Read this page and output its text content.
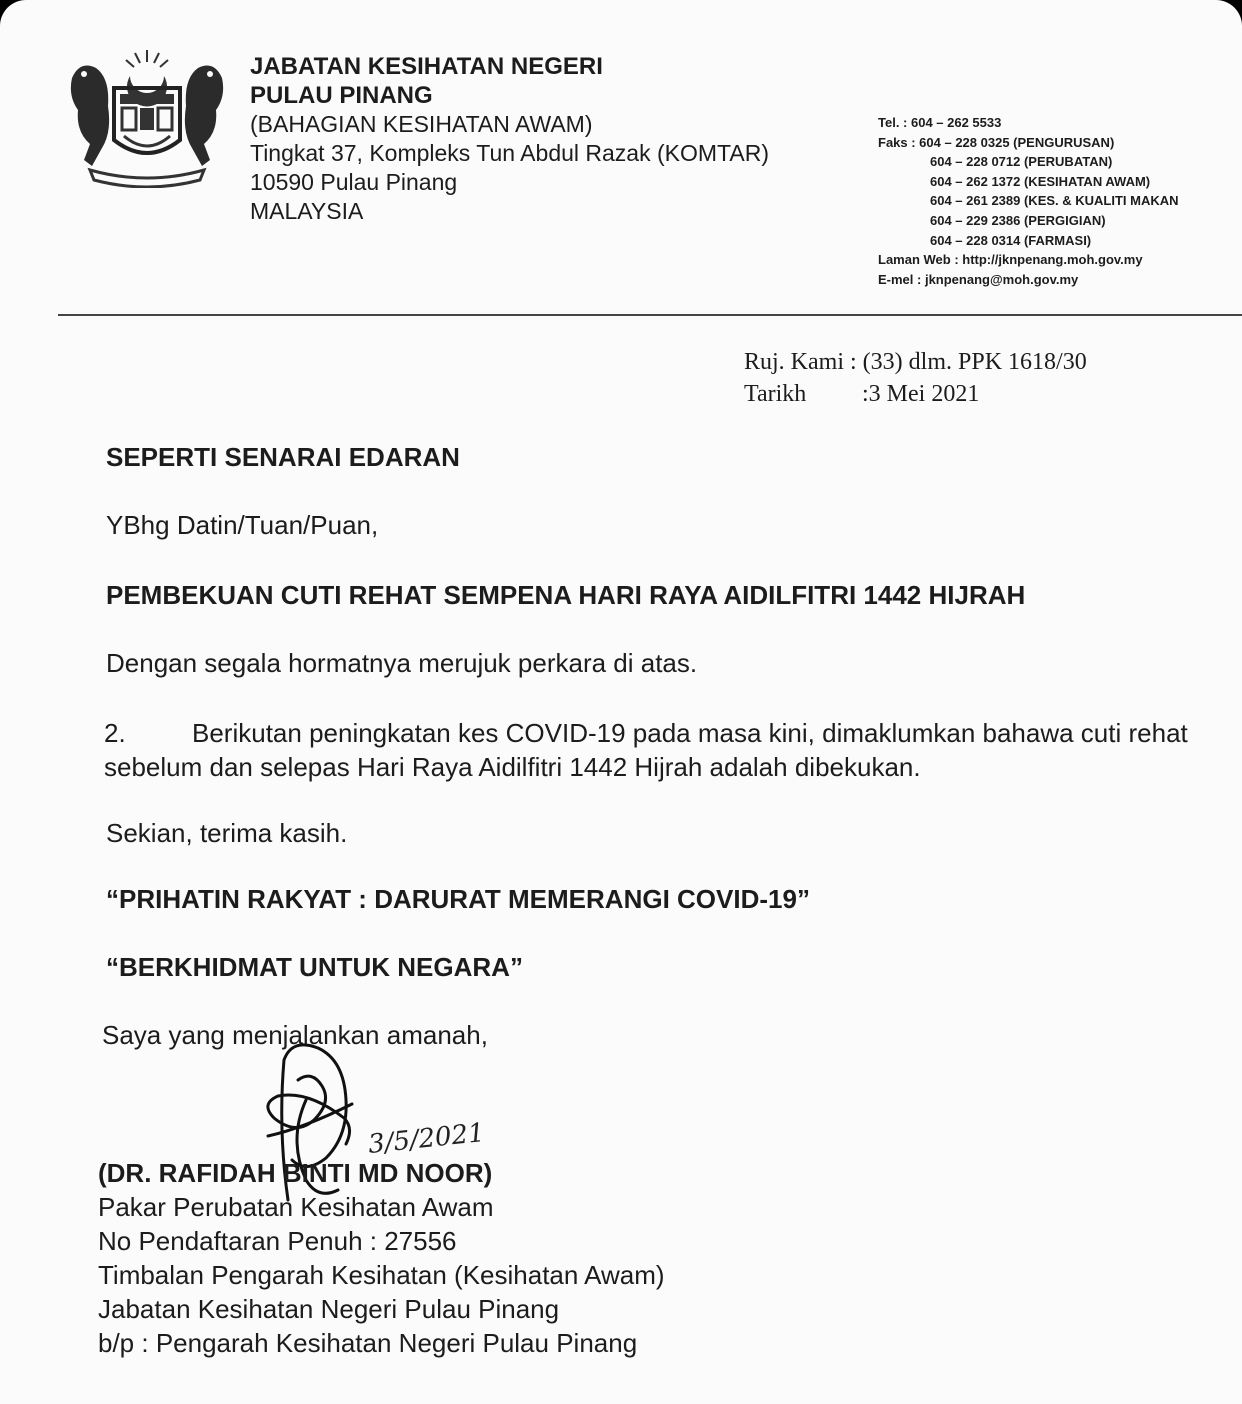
JABATAN KESIHATAN NEGERI
PULAU PINANG
(BAHAGIAN KESIHATAN AWAM)
Tingkat 37, Kompleks Tun Abdul Razak (KOMTAR)
10590 Pulau Pinang
MALAYSIA
Tel. : 604 – 262 5533
Faks : 604 – 228 0325 (PENGURUSAN)
604 – 228 0712 (PERUBATAN)
604 – 262 1372 (KESIHATAN AWAM)
604 – 261 2389 (KES. & KUALITI MAKAN
604 – 229 2386 (PERGIGIAN)
604 – 228 0314 (FARMASI)
Laman Web : http://jknpenang.moh.gov.my
E-mel : jknpenang@moh.gov.my
Ruj. Kami : (33) dlm. PPK 1618/30
Tarikh :3 Mei 2021
SEPERTI SENARAI EDARAN
YBhg Datin/Tuan/Puan,
PEMBEKUAN CUTI REHAT SEMPENA HARI RAYA AIDILFITRI 1442 HIJRAH
Dengan segala hormatnya merujuk perkara di atas.
2.	Berikutan peningkatan kes COVID-19 pada masa kini, dimaklumkan bahawa cuti rehat sebelum dan selepas Hari Raya Aidilfitri 1442 Hijrah adalah dibekukan.
Sekian, terima kasih.
“PRIHATIN RAKYAT : DARURAT MEMERANGI COVID-19”
“BERKHIDMAT UNTUK NEGARA”
Saya yang menjalankan amanah,
3/5/2021
(DR. RAFIDAH BINTI MD NOOR)
Pakar Perubatan Kesihatan Awam
No Pendaftaran Penuh : 27556
Timbalan Pengarah Kesihatan (Kesihatan Awam)
Jabatan Kesihatan Negeri Pulau Pinang
b/p : Pengarah Kesihatan Negeri Pulau Pinang
